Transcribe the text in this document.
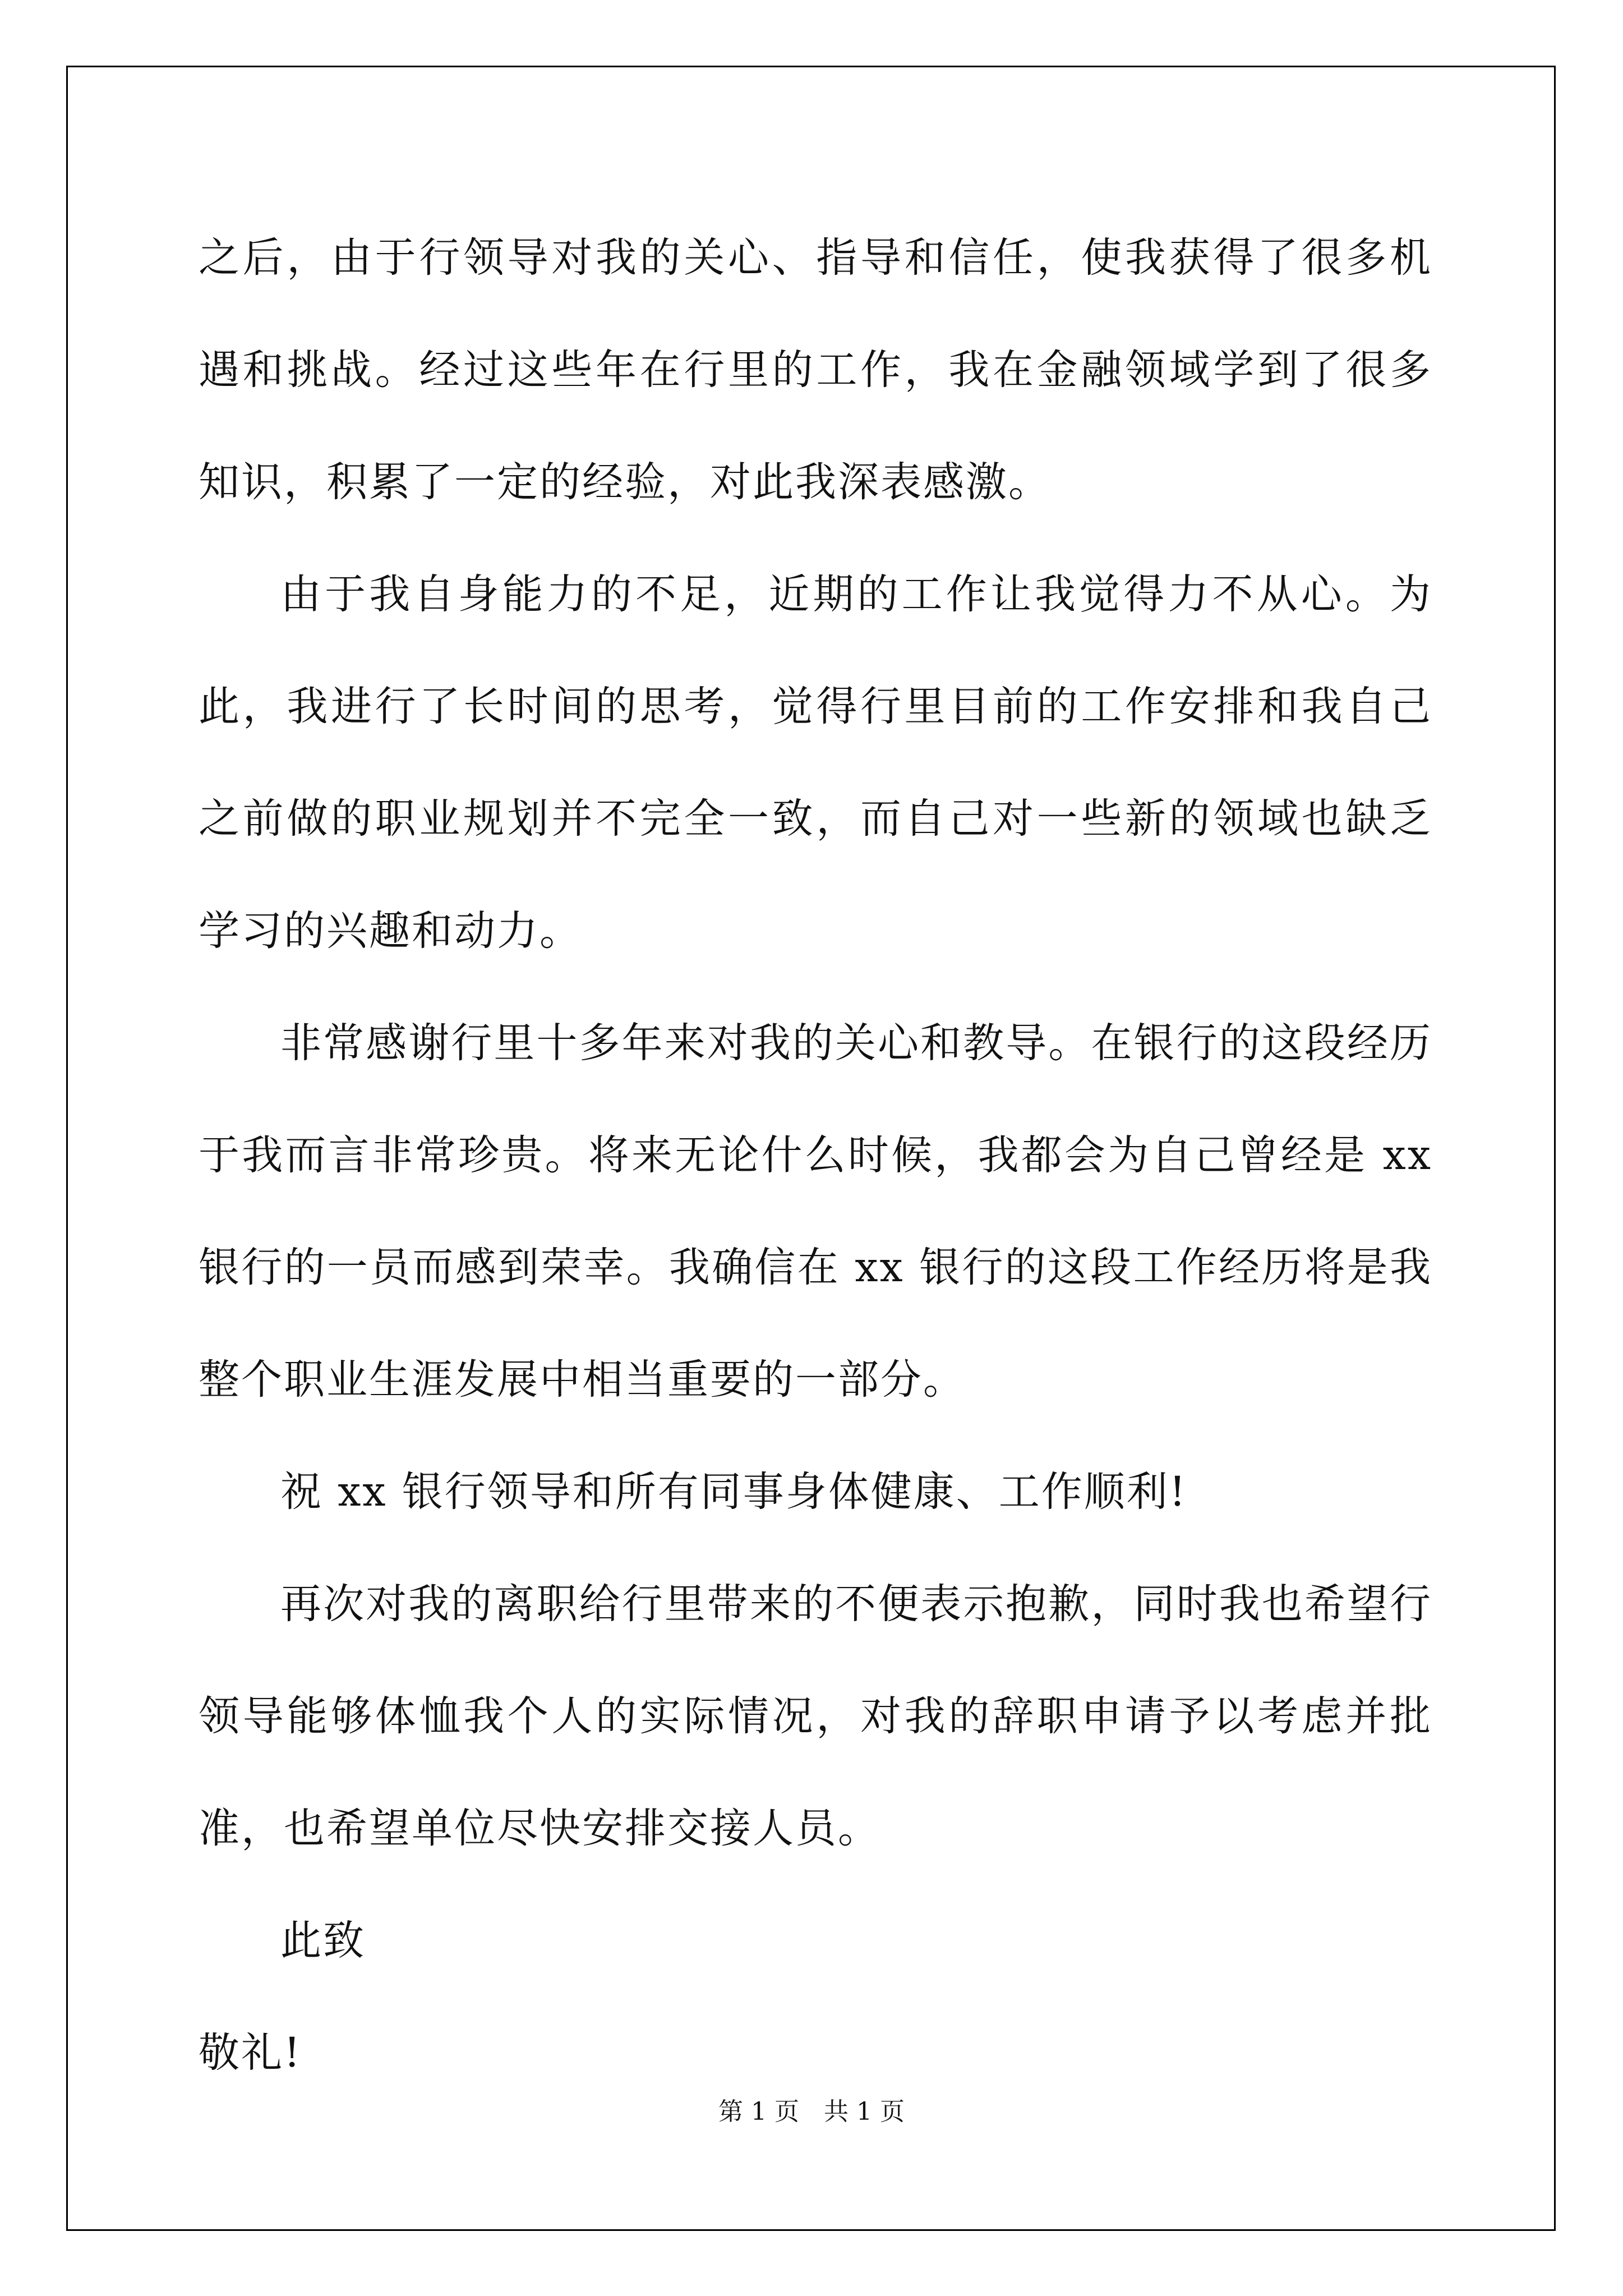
之后，由于行领导对我的关心、指导和信任，使我获得了很多机遇和挑战。经过这些年在行里的工作，我在金融领域学到了很多知识，积累了一定的经验，对此我深表感激。

由于我自身能力的不足，近期的工作让我觉得力不从心。为此，我进行了长时间的思考，觉得行里目前的工作安排和我自己之前做的职业规划并不完全一致，而自己对一些新的领域也缺乏学习的兴趣和动力。

非常感谢行里十多年来对我的关心和教导。在银行的这段经历于我而言非常珍贵。将来无论什么时候，我都会为自己曾经是 xx 银行的一员而感到荣幸。我确信在 xx 银行的这段工作经历将是我整个职业生涯发展中相当重要的一部分。

祝 xx 银行领导和所有同事身体健康、工作顺利!

再次对我的离职给行里带来的不便表示抱歉，同时我也希望行领导能够体恤我个人的实际情况，对我的辞职申请予以考虑并批准，也希望单位尽快安排交接人员。

此致

敬礼!

第 1 页 共 1 页
